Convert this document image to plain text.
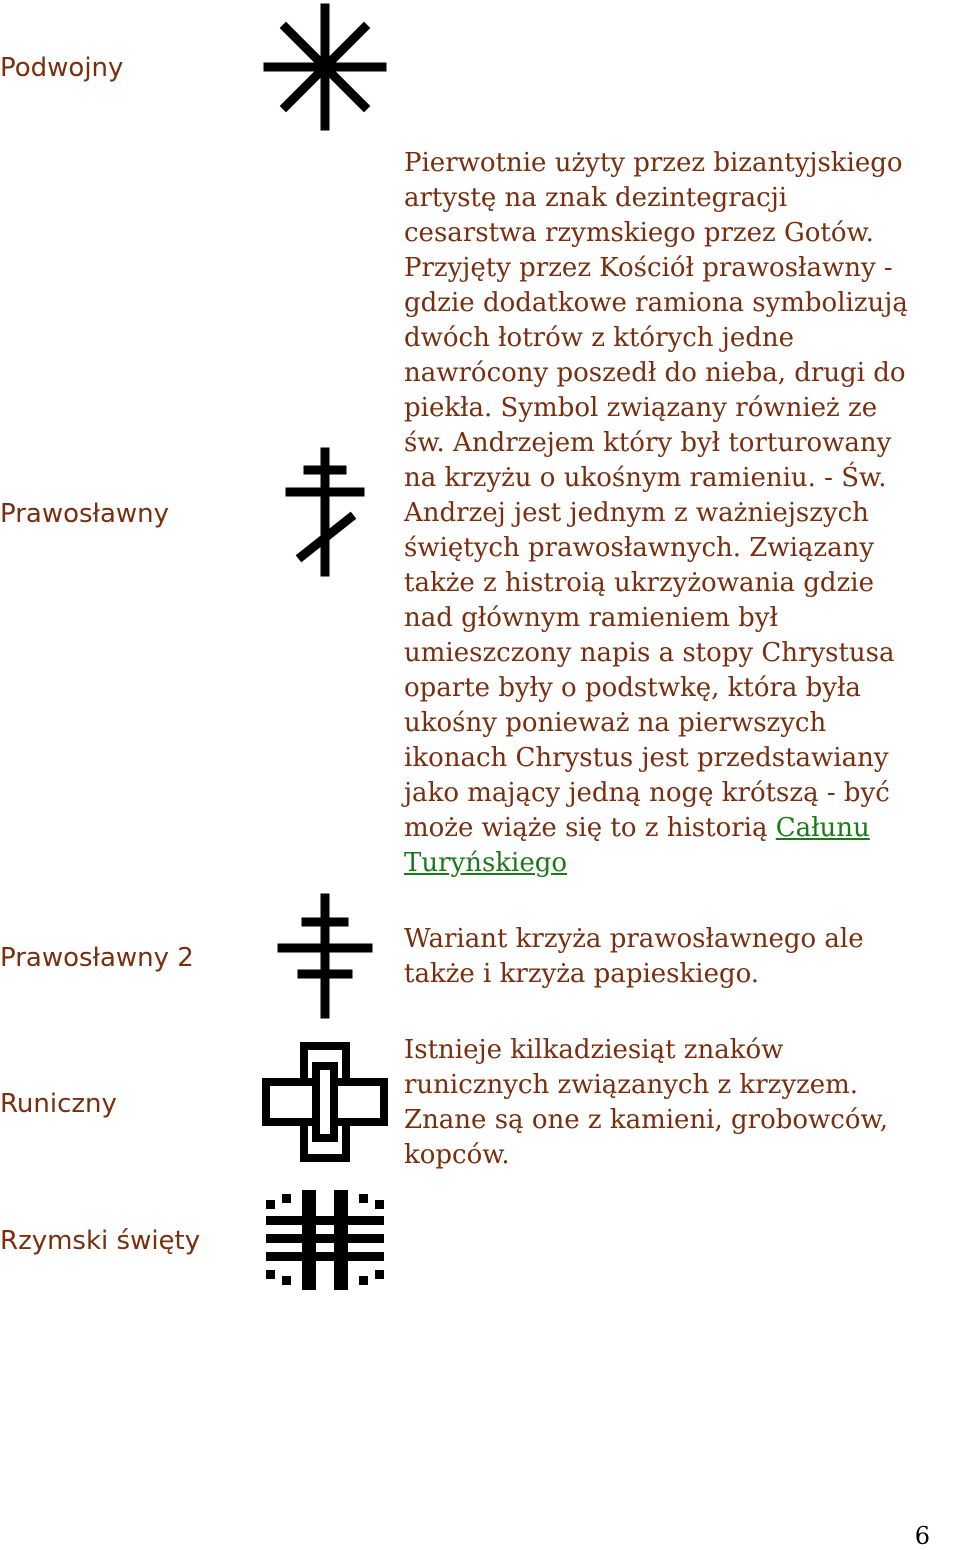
Podwojny
Prawosławny
Prawosławny 2
Runiczny
Rzymski święty
Pierwotnie użyty przez bizantyjskiego
artystę na znak dezintegracji
cesarstwa rzymskiego przez Gotów.
Przyjęty przez Kościół prawosławny -
gdzie dodatkowe ramiona symbolizują
dwóch łotrów z których jedne
nawrócony poszedł do nieba, drugi do
piekła. Symbol związany również ze
św. Andrzejem który był torturowany
na krzyżu o ukośnym ramieniu. - Św.
Andrzej jest jednym z ważniejszych
świętych prawosławnych. Związany
także z histroią ukrzyżowania gdzie
nad głównym ramieniem był
umieszczony napis a stopy Chrystusa
oparte były o podstwkę, która była
ukośny ponieważ na pierwszych
ikonach Chrystus jest przedstawiany
jako mający jedną nogę krótszą - być
może wiąże się to z historią Całunu
Turyńskiego
Wariant krzyża prawosławnego ale
także i krzyża papieskiego.
Istnieje kilkadziesiąt znaków
runicznych związanych z krzyzem.
Znane są one z kamieni, grobowców,
kopców.
6
